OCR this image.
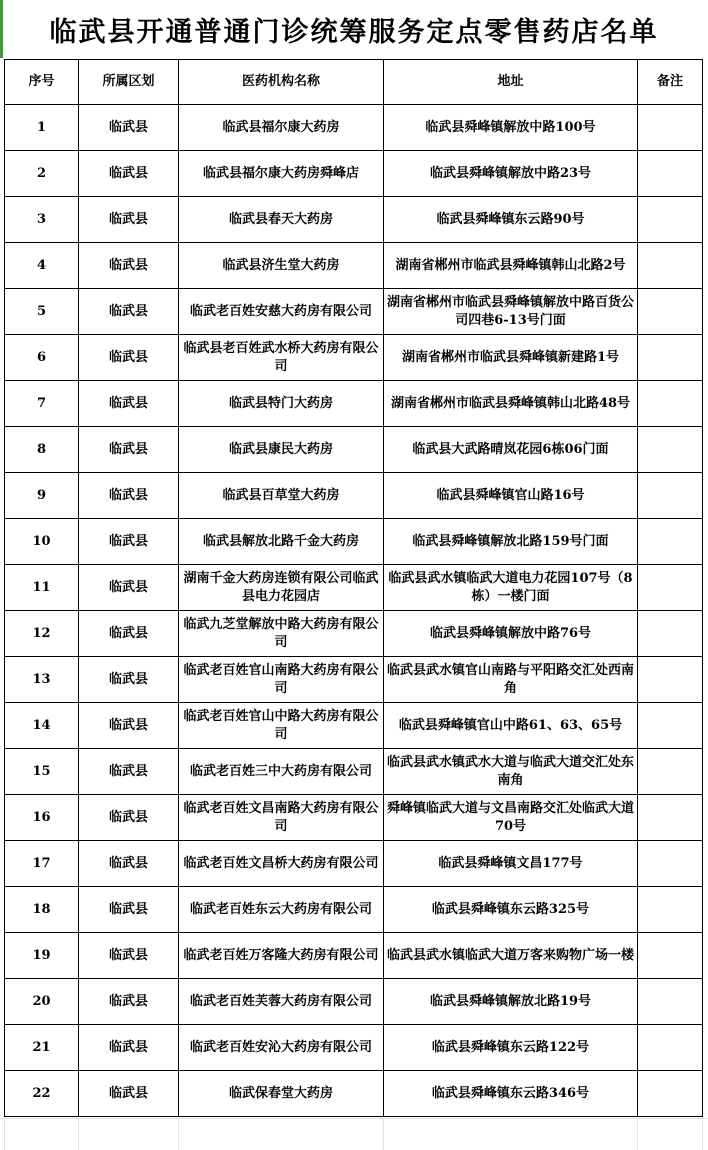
临武县开通普通门诊统筹服务定点零售药店名单
序号	所属区划	医药机构名称	地址	备注
1	临武县	临武县福尔康大药房	临武县舜峰镇解放中路100号	
2	临武县	临武县福尔康大药房舜峰店	临武县舜峰镇解放中路23号	
3	临武县	临武县春天大药房	临武县舜峰镇东云路90号	
4	临武县	临武县济生堂大药房	湖南省郴州市临武县舜峰镇韩山北路2号	
5	临武县	临武老百姓安慈大药房有限公司	湖南省郴州市临武县舜峰镇解放中路百货公司四巷6-13号门面	
6	临武县	临武县老百姓武水桥大药房有限公司	湖南省郴州市临武县舜峰镇新建路1号	
7	临武县	临武县特门大药房	湖南省郴州市临武县舜峰镇韩山北路48号	
8	临武县	临武县康民大药房	临武县大武路晴岚花园6栋06门面	
9	临武县	临武县百草堂大药房	临武县舜峰镇官山路16号	
10	临武县	临武县解放北路千金大药房	临武县舜峰镇解放北路159号门面	
11	临武县	湖南千金大药房连锁有限公司临武县电力花园店	临武县武水镇临武大道电力花园107号（8栋）一楼门面	
12	临武县	临武九芝堂解放中路大药房有限公司	临武县舜峰镇解放中路76号	
13	临武县	临武老百姓官山南路大药房有限公司	临武县武水镇官山南路与平阳路交汇处西南角	
14	临武县	临武老百姓官山中路大药房有限公司	临武县舜峰镇官山中路61、63、65号	
15	临武县	临武老百姓三中大药房有限公司	临武县武水镇武水大道与临武大道交汇处东南角	
16	临武县	临武老百姓文昌南路大药房有限公司	舜峰镇临武大道与文昌南路交汇处临武大道70号	
17	临武县	临武老百姓文昌桥大药房有限公司	临武县舜峰镇文昌177号	
18	临武县	临武老百姓东云大药房有限公司	临武县舜峰镇东云路325号	
19	临武县	临武老百姓万客隆大药房有限公司	临武县武水镇临武大道万客来购物广场一楼	
20	临武县	临武老百姓芙蓉大药房有限公司	临武县舜峰镇解放北路19号	
21	临武县	临武老百姓安沁大药房有限公司	临武县舜峰镇东云路122号	
22	临武县	临武保春堂大药房	临武县舜峰镇东云路346号	
